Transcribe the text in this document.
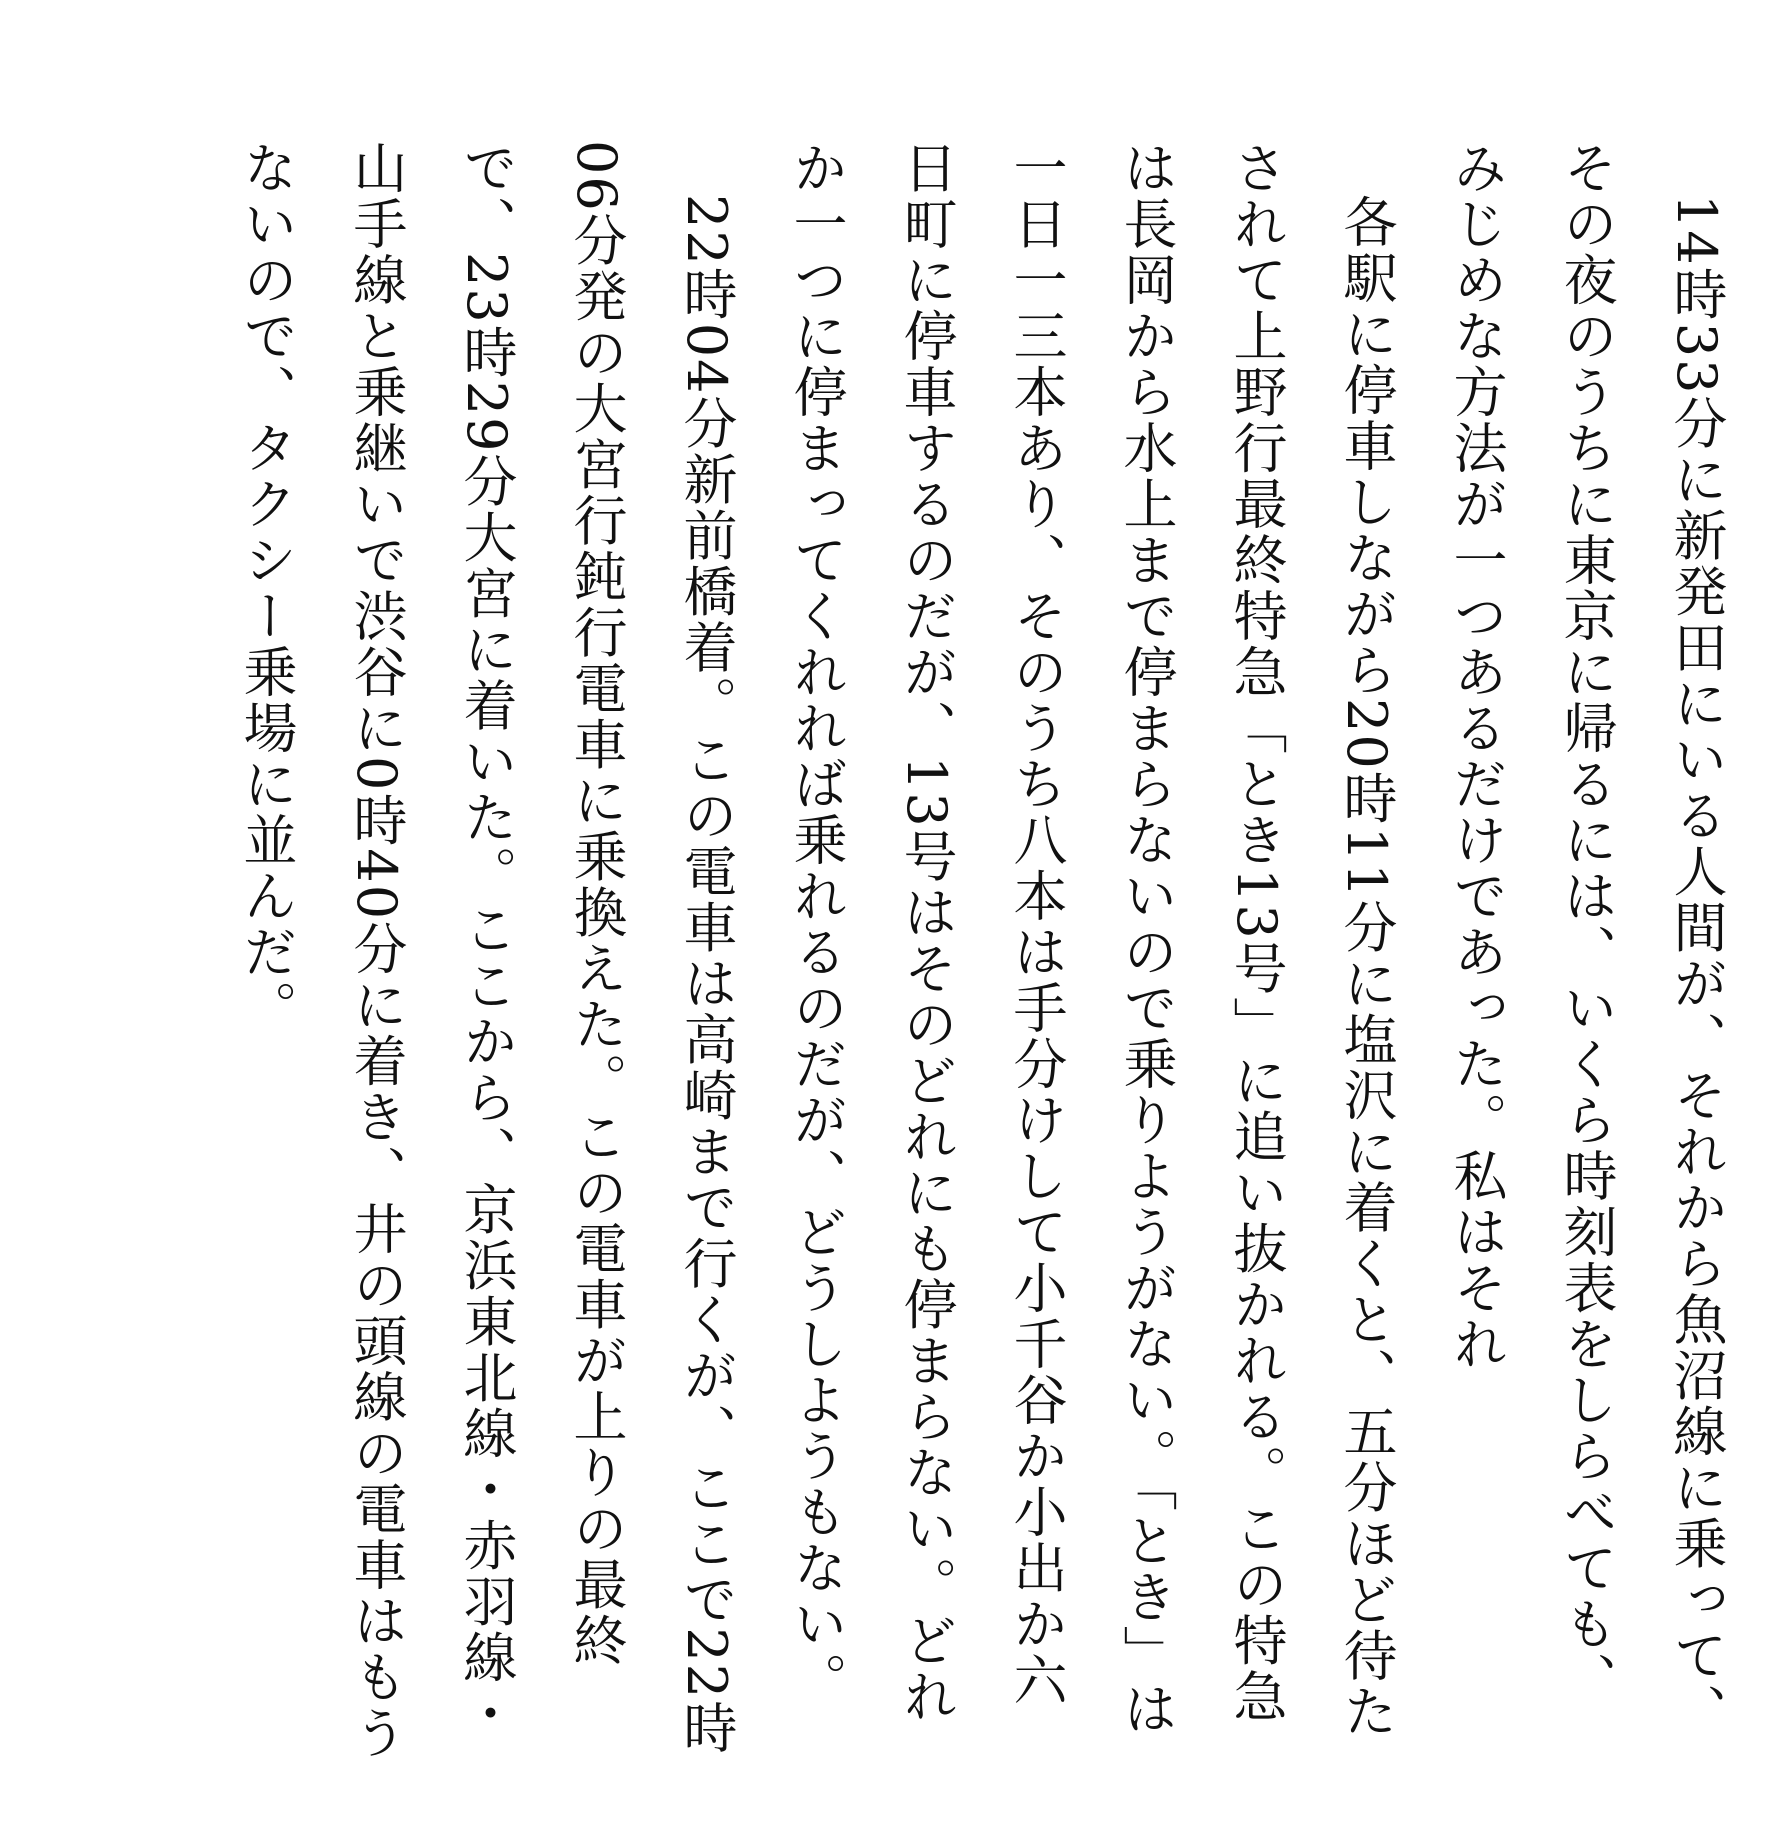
14時33分に新発田にいる人間が、それから魚沼線に乗って、その夜のうちに東京に帰るには、いくら時刻表をしらべても、みじめな方法が一つあるだけであった。私はそれ

各駅に停車しながら20時11分に塩沢に着くと、五分ほど待たされて上野行最終特急「とき13号」に追い抜かれる。この特急は長岡から水上まで停まらないので乗りようがない。「とき」は一日一三本あり、そのうち八本は手分けして小千谷か小出か六日町に停車するのだが、13号はそのどれにも停まらない。どれか一つに停まってくれれば乗れるのだが、どうしようもない。

22時04分新前橋着。この電車は高崎まで行くが、ここで22時06分発の大宮行鈍行電車に乗換えた。この電車が上りの最終で、23時29分大宮に着いた。ここから、京浜東北線・赤羽線・山手線と乗継いで渋谷に0時40分に着き、井の頭線の電車はもうないので、タクシー乗場に並んだ。
